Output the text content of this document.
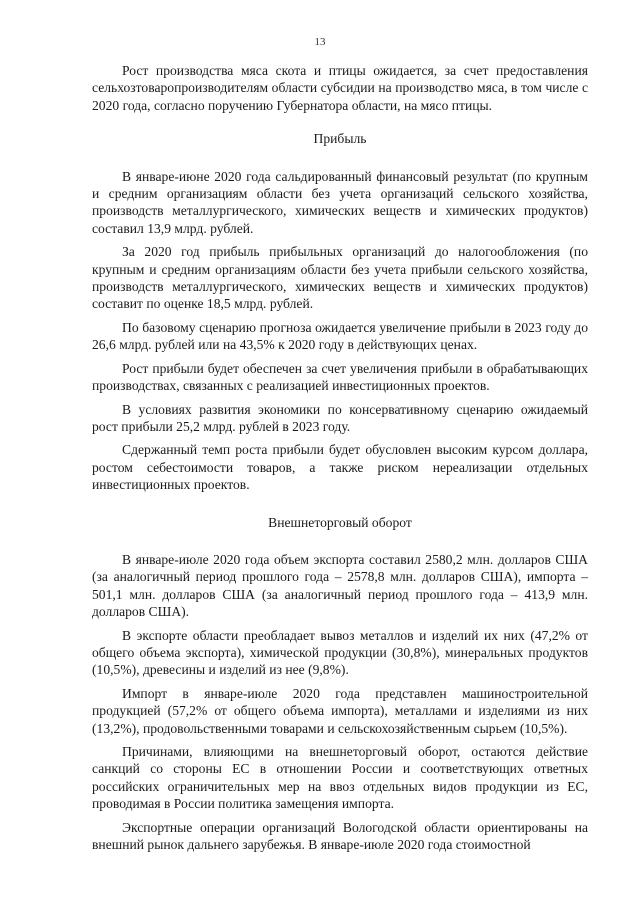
13

Рост производства мяса скота и птицы ожидается, за счет предоставления сельхозтоваропроизводителям области субсидии на производство мяса, в том числе с 2020 года, согласно поручению Губернатора области, на мясо птицы.

Прибыль

В январе-июне 2020 года сальдированный финансовый результат (по крупным и средним организациям области без учета организаций сельского хозяйства, производств металлургического, химических веществ и химических продуктов) составил 13,9 млрд. рублей.

За 2020 год прибыль прибыльных организаций до налогообложения (по крупным и средним организациям области без учета прибыли сельского хозяйства, производств металлургического, химических веществ и химических продуктов) составит по оценке 18,5 млрд. рублей.

По базовому сценарию прогноза ожидается увеличение прибыли в 2023 году до 26,6 млрд. рублей или на 43,5% к 2020 году в действующих ценах.

Рост прибыли будет обеспечен за счет увеличения прибыли в обрабатывающих производствах, связанных с реализацией инвестиционных проектов.

В условиях развития экономики по консервативному сценарию ожидаемый рост прибыли 25,2 млрд. рублей в 2023 году.

Сдержанный темп роста прибыли будет обусловлен высоким курсом доллара, ростом себестоимости товаров, а также риском нереализации отдельных инвестиционных проектов.

Внешнеторговый оборот

В январе-июле 2020 года объем экспорта составил 2580,2 млн. долларов США (за аналогичный период прошлого года – 2578,8 млн. долларов США), импорта – 501,1 млн. долларов США (за аналогичный период прошлого года – 413,9 млн. долларов США).

В экспорте области преобладает вывоз металлов и изделий их них (47,2% от общего объема экспорта), химической продукции (30,8%), минеральных продуктов (10,5%), древесины и изделий из нее (9,8%).

Импорт в январе-июле 2020 года представлен машиностроительной продукцией (57,2% от общего объема импорта), металлами и изделиями из них (13,2%), продовольственными товарами и сельскохозяйственным сырьем (10,5%).

Причинами, влияющими на внешнеторговый оборот, остаются действие санкций со стороны ЕС в отношении России и соответствующих ответных российских ограничительных мер на ввоз отдельных видов продукции из ЕС, проводимая в России политика замещения импорта.

Экспортные операции организаций Вологодской области ориентированы на внешний рынок дальнего зарубежья. В январе-июле 2020 года стоимостной
